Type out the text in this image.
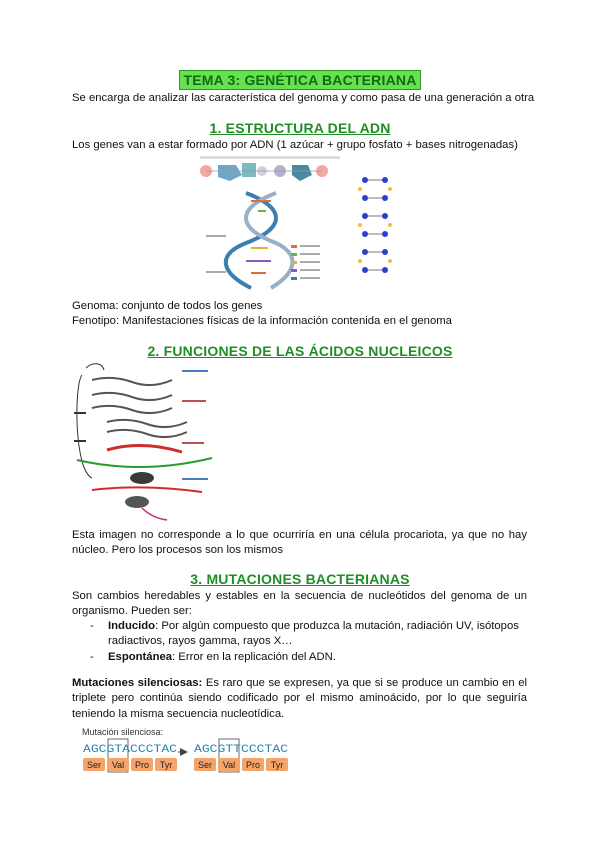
TEMA 3: GENÉTICA BACTERIANA
Se encarga de analizar las característica del genoma y como pasa de una generación a otra
1. ESTRUCTURA DEL ADN
Los genes van a estar formado por ADN (1 azúcar + grupo fosfato + bases nitrogenadas)
Genoma: conjunto de todos los genes
Fenotipo: Manifestaciones físicas de la información contenida en el genoma
2. FUNCIONES DE LAS ÁCIDOS NUCLEICOS
Esta imagen no corresponde a lo que ocurriría en una célula procariota, ya que no hay núcleo. Pero los procesos son los mismos
3. MUTACIONES BACTERIANAS
Son cambios heredables y estables en la secuencia de nucleótidos del genoma de un organismo. Pueden ser:
- Inducido: Por algún compuesto que produzca la mutación, radiación UV, isótopos radiactivos, rayos gamma, rayos X…
- Espontánea: Error en la replicación del ADN.
Mutaciones silenciosas: Es raro que se expresen, ya que si se produce un cambio en el triplete pero continúa siendo codificado por el mismo aminoácido, por lo que seguiría teniendo la misma secuencia nucleotídica.
Mutación silenciosa:
AGCGTACCCTAC AGCGTTCCCTAC
Ser Val Pro Tyr	Ser Val Pro Tyr
